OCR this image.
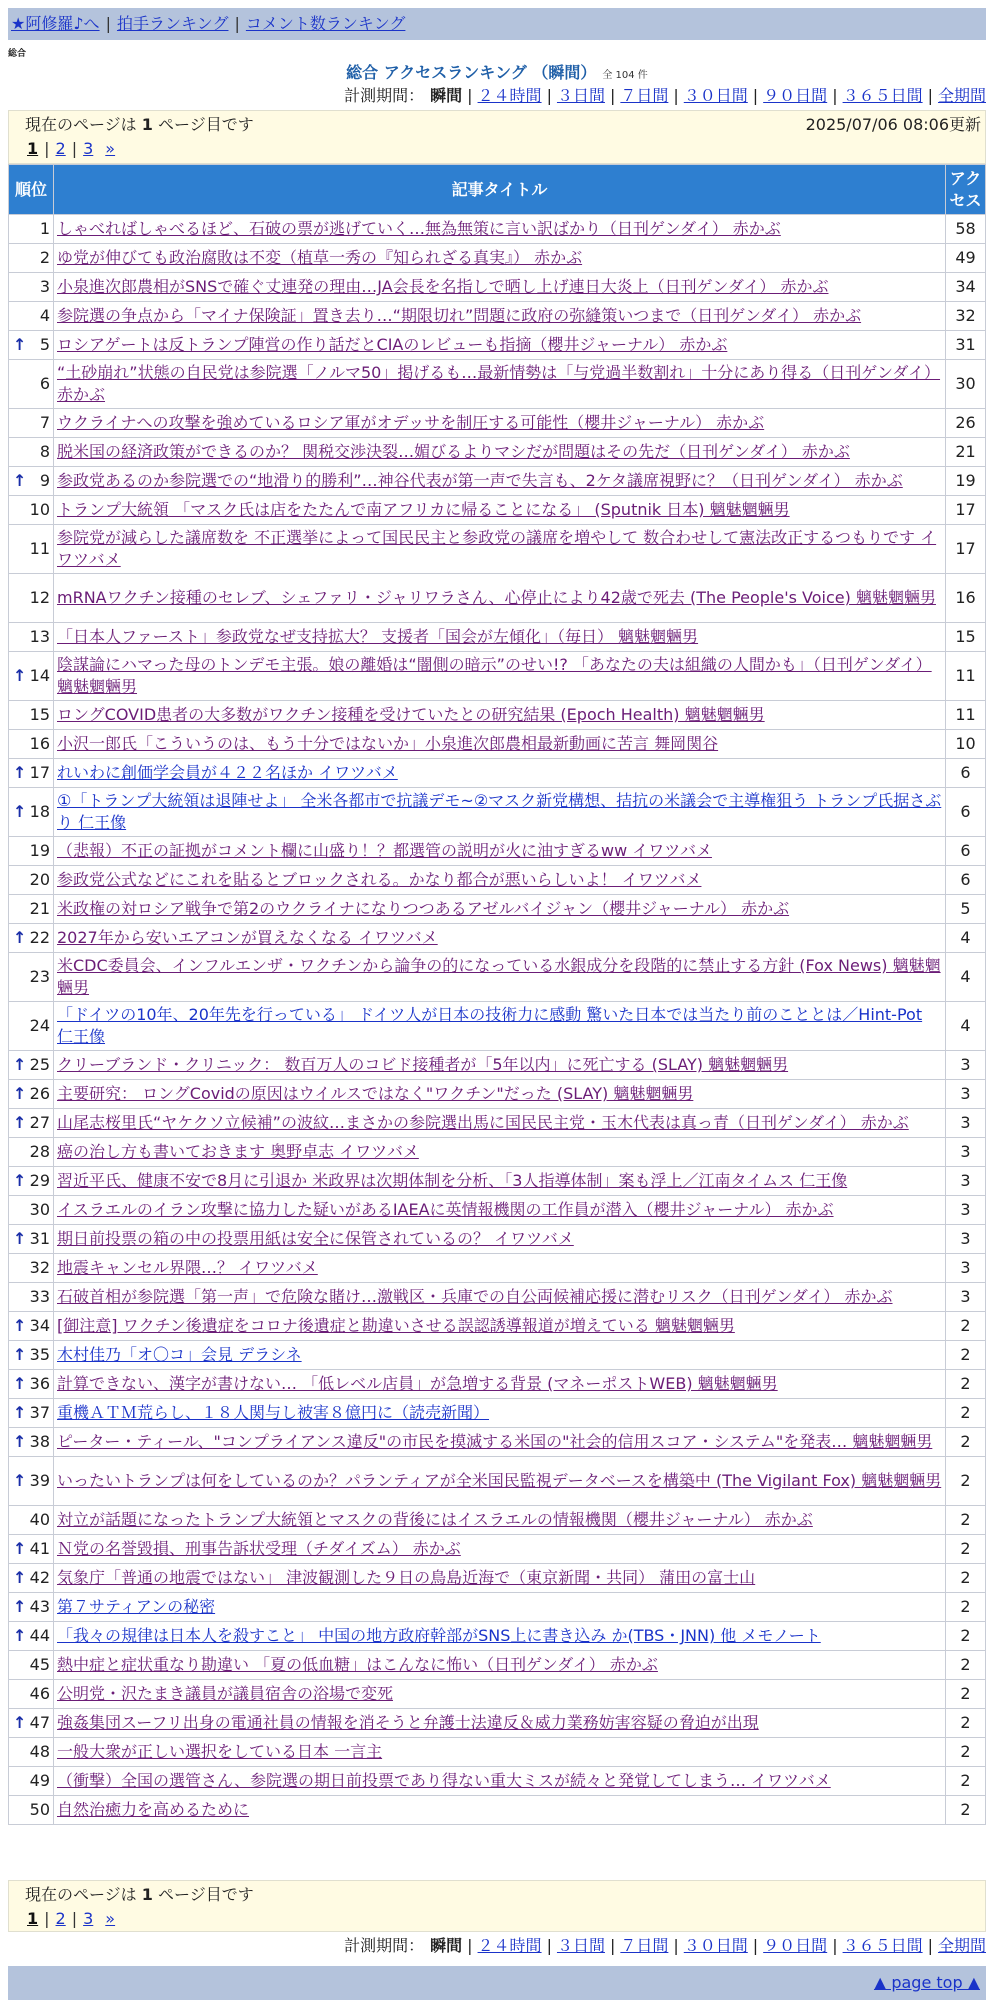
★阿修羅♪へ | 拍手ランキング | コメント数ランキング
総合
総合 アクセスランキング （瞬間） 全 104 件
計測期間： 瞬間 | ２４時間 | ３日間 | ７日間 | ３０日間 | ９０日間 | ３６５日間 | 全期間
現在のページは 1 ページ目です	2025/07/06 08:06更新
1 | 2 | 3 »
順位	記事タイトル	アクセス
1	しゃべればしゃべるほど、石破の票が逃げていく…無為無策に言い訳ばかり（日刊ゲンダイ） 赤かぶ	58
2	ゆ党が伸びても政治腐敗は不変（植草一秀の『知られざる真実』） 赤かぶ	49
3	小泉進次郎農相がSNSで確ぐ丈連発の理由…JA会長を名指しで晒し上げ連日大炎上（日刊ゲンダイ） 赤かぶ	34
4	参院選の争点から「マイナ保険証」置き去り…“期限切れ”問題に政府の弥縫策いつまで（日刊ゲンダイ） 赤かぶ	32

↑ 5	ロシアゲートは反トランプ陣営の作り話だとCIAのレビューも指摘（櫻井ジャーナル） 赤かぶ	31
6	“土砂崩れ”状態の自民党は参院選「ノルマ50」掲げるも…最新情勢は「与党過半数割れ」十分にあり得る（日刊ゲンダイ） 赤かぶ	30
7	ウクライナへの攻撃を強めているロシア軍がオデッサを制圧する可能性（櫻井ジャーナル） 赤かぶ	26
8	脱米国の経済政策ができるのか？ 関税交渉決裂…媚びるよりマシだが問題はその先だ（日刊ゲンダイ） 赤かぶ	21

↑ 9	参政党あるのか参院選での“地滑り的勝利”…神谷代表が第一声で失言も、2ケタ議席視野に？（日刊ゲンダイ） 赤かぶ	19
10	トランプ大統領 「マスク氏は店をたたんで南アフリカに帰ることになる」 (Sputnik 日本) 魑魅魍魎男	17
11	参院党が減らした議席数を 不正選挙によって国民民主と参政党の議席を増やして 数合わせして憲法改正するつもりです イワツバメ	17
12	mRNAワクチン接種のセレブ、シェファリ・ジャリワラさん、心停止により42歳で死去 (The People's Voice) 魑魅魍魎男	16
13	「日本人ファースト」参政党なぜ支持拡大？ 支援者「国会が左傾化」（毎日） 魑魅魍魎男	15

↑ 14	陰謀論にハマった母のトンデモ主張。娘の離婚は“闇側の暗示”のせい!? 「あなたの夫は組織の人間かも」（日刊ゲンダイ） 魑魅魍魎男	11
15	ロングCOVID患者の大多数がワクチン接種を受けていたとの研究結果 (Epoch Health) 魑魅魍魎男	11
16	小沢一郎氏「こういうのは、もう十分ではないか」小泉進次郎農相最新動画に苦言 舞岡関谷	10

↑ 17	れいわに創価学会員が４２２名ほか イワツバメ	6

↑ 18	①「トランプ大統領は退陣せよ」 全米各都市で抗議デモ~②マスク新党構想、拮抗の米議会で主導権狙う トランプ氏据さぶり 仁王像	6
19	（悲報）不正の証拠がコメント欄に山盛り！？都選管の説明が火に油すぎるww イワツバメ	6
20	参政党公式などにこれを貼るとブロックされる。かなり都合が悪いらしいよ！ イワツバメ	6
21	米政権の対ロシア戦争で第2のウクライナになりつつあるアゼルバイジャン（櫻井ジャーナル） 赤かぶ	5

↑ 22	2027年から安いエアコンが買えなくなる イワツバメ	4
23	米CDC委員会、インフルエンザ・ワクチンから論争の的になっている水銀成分を段階的に禁止する方針 (Fox News) 魑魅魍魎男	4
24	「ドイツの10年、20年先を行っている」 ドイツ人が日本の技術力に感動 驚いた日本では当たり前のこととは／Hint-Pot 仁王像	4

↑ 25	クリーブランド・クリニック： 数百万人のコビド接種者が「5年以内」に死亡する (SLAY) 魑魅魍魎男	3

↑ 26	主要研究： ロングCovidの原因はウイルスではなく"ワクチン"だった (SLAY) 魑魅魍魎男	3

↑ 27	山尾志桜里氏“ヤケクソ立候補”の波紋…まさかの参院選出馬に国民民主党・玉木代表は真っ青（日刊ゲンダイ） 赤かぶ	3
28	癌の治し方も書いておきます 奥野卓志 イワツバメ	3

↑ 29	習近平氏、健康不安で8月に引退か 米政界は次期体制を分析、「3人指導体制」案も浮上／江南タイムス 仁王像	3
30	イスラエルのイラン攻撃に協力した疑いがあるIAEAに英情報機関の工作員が潜入（櫻井ジャーナル） 赤かぶ	3

↑ 31	期日前投票の箱の中の投票用紙は安全に保管されているの？ イワツバメ	3
32	地震キャンセル界隈…？ イワツバメ	3
33	石破首相が参院選「第一声」で危険な賭け…激戦区・兵庫での自公両候補応援に潜むリスク（日刊ゲンダイ） 赤かぶ	3

↑ 34	[御注意] ワクチン後遺症をコロナ後遺症と勘違いさせる誤認誘導報道が増えている 魑魅魍魎男	2

↑ 35	木村佳乃「オ〇コ」会見 デラシネ	2

↑ 36	計算できない、漢字が書けない… 「低レベル店員」が急増する背景 (マネーポストWEB) 魑魅魍魎男	2

↑ 37	重機ＡＴＭ荒らし、１８人関与し被害８億円に（読売新聞）	2

↑ 38	ピーター・ティール、"コンプライアンス違反"の市民を摸滅する米国の"社会的信用スコア・システム"を発表… 魑魅魍魎男	2

↑ 39	いったいトランプは何をしているのか？パランティアが全米国民監視データベースを構築中 (The Vigilant Fox) 魑魅魍魎男	2
40	対立が話題になったトランプ大統領とマスクの背後にはイスラエルの情報機関（櫻井ジャーナル） 赤かぶ	2

↑ 41	Ｎ党の名誉毀損、刑事告訴状受理（チダイズム） 赤かぶ	2

↑ 42	気象庁「普通の地震ではない」 津波観測した９日の鳥島近海で（東京新聞・共同） 蒲田の富士山	2

↑ 43	第７サティアンの秘密	2

↑ 44	「我々の規律は日本人を殺すこと」 中国の地方政府幹部がSNS上に書き込み か(TBS・JNN) 他 メモノート	2
45	熱中症と症状重なり勘違い 「夏の低血糖」はこんなに怖い（日刊ゲンダイ） 赤かぶ	2
46	公明党・沢たまき議員が議員宿舎の浴場で変死	2

↑ 47	強姦集団スーフリ出身の電通社員の情報を消そうと弁護士法違反＆威力業務妨害容疑の脅迫が出現	2
48	一般大衆が正しい選択をしている日本 一言主	2
49	（衝撃）全国の選管さん、参院選の期日前投票であり得ない重大ミスが続々と発覚してしまう… イワツバメ	2
50	自然治癒力を高めるために	2
現在のページは 1 ページ目です
1 | 2 | 3 »
計測期間： 瞬間 | ２４時間 | ３日間 | ７日間 | ３０日間 | ９０日間 | ３６５日間 | 全期間
▲ page top ▲
